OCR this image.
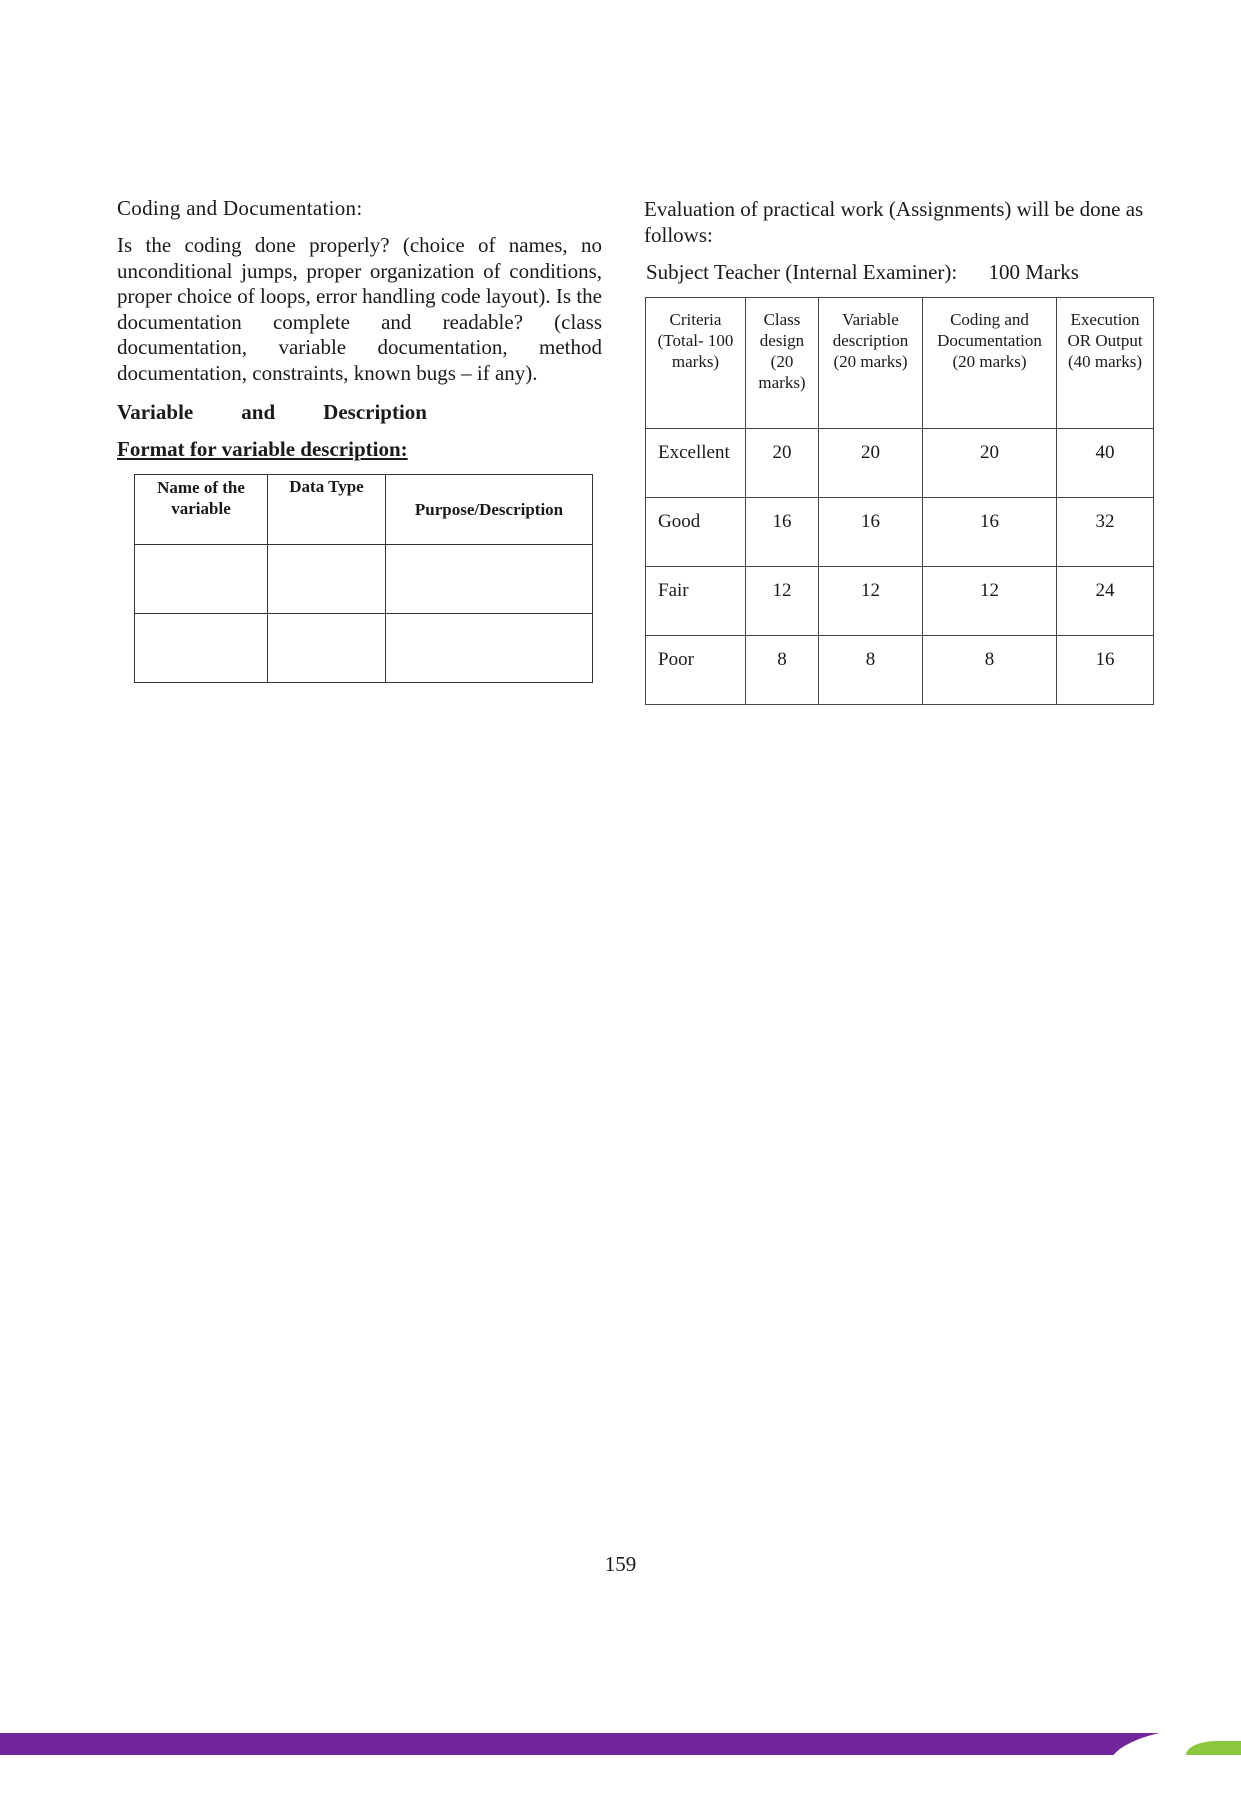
Coding and Documentation:

Is the coding done properly? (choice of names, no unconditional jumps, proper organization of conditions, proper choice of loops, error handling code layout). Is the documentation complete and readable? (class documentation, variable documentation, method documentation, constraints, known bugs – if any).

Variable and Description

Format for variable description:

Name of the variable	Data Type	Purpose/Description

Evaluation of practical work (Assignments) will be done as follows:

Subject Teacher (Internal Examiner): 100 Marks

Criteria (Total- 100 marks)	Class design (20 marks)	Variable description (20 marks)	Coding and Documentation (20 marks)	Execution OR Output (40 marks)
Excellent	20	20	20	40
Good	16	16	16	32
Fair	12	12	12	24
Poor	8	8	8	16
159
